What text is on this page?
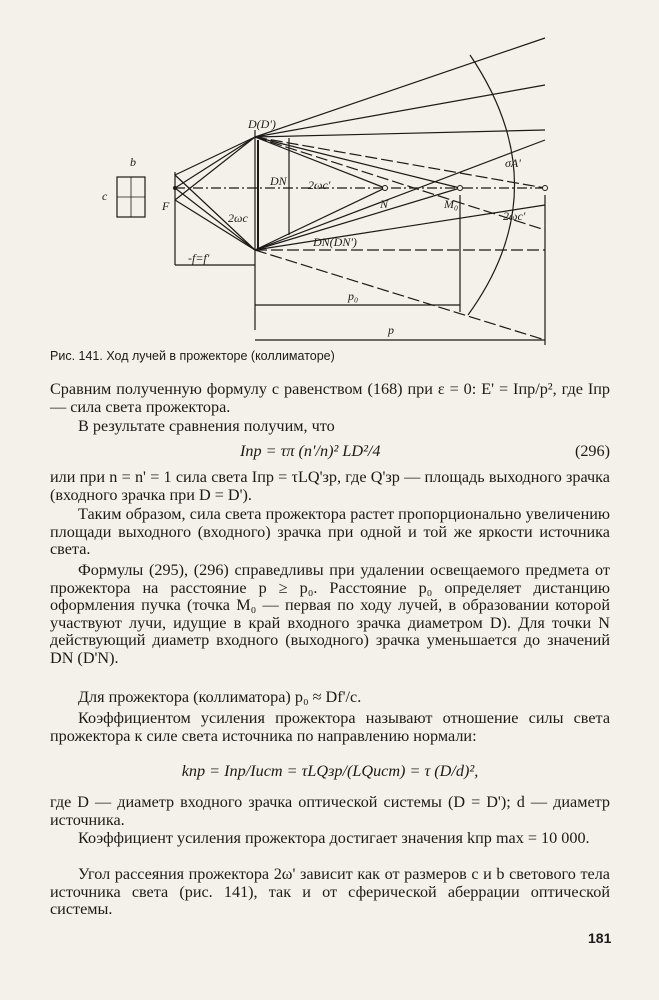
b
c
F
D(D')
DN 2ωc'
2ωc
N	M₀
σA'
2ωc'
DN(DN')
-f=f'
p₀
p
Рис. 141. Ход лучей в прожекторе (коллиматоре)

Сравним полученную формулу с равенством (168) при ε = 0: E' = Iпр/p², где Iпр — сила света прожектора.

В результате сравнения получим, что

Iпр = τπ (n'/n)² LD²/4	(296)

или при n = n' = 1 сила света Iпр = τLQ'зр, где Q'зр — площадь выходного зрачка (входного зрачка при D = D').

Таким образом, сила света прожектора растет пропорционально увеличению площади выходного (входного) зрачка при одной и той же яркости источника света.

Формулы (295), (296) справедливы при удалении освещаемого предмета от прожектора на расстояние p ≥ p₀. Расстояние p₀ определяет дистанцию оформления пучка (точка M₀ — первая по ходу лучей, в образовании которой участвуют лучи, идущие в край входного зрачка диаметром D). Для точки N действующий диаметр входного (выходного) зрачка уменьшается до значений DN (D'N).

Для прожектора (коллиматора) p₀ ≈ Df'/c.

Коэффициентом усиления прожектора называют отношение силы света прожектора к силе света источника по направлению нормали:

kпр = Iпр/Iист = τLQзр/(LQист) = τ (D/d)²,

где D — диаметр входного зрачка оптической системы (D = D'); d — диаметр источника.

Коэффициент усиления прожектора достигает значения kпр max = 10 000.

Угол рассеяния прожектора 2ω' зависит как от размеров c и b светового тела источника света (рис. 141), так и от сферической аберрации оптической системы.

181
